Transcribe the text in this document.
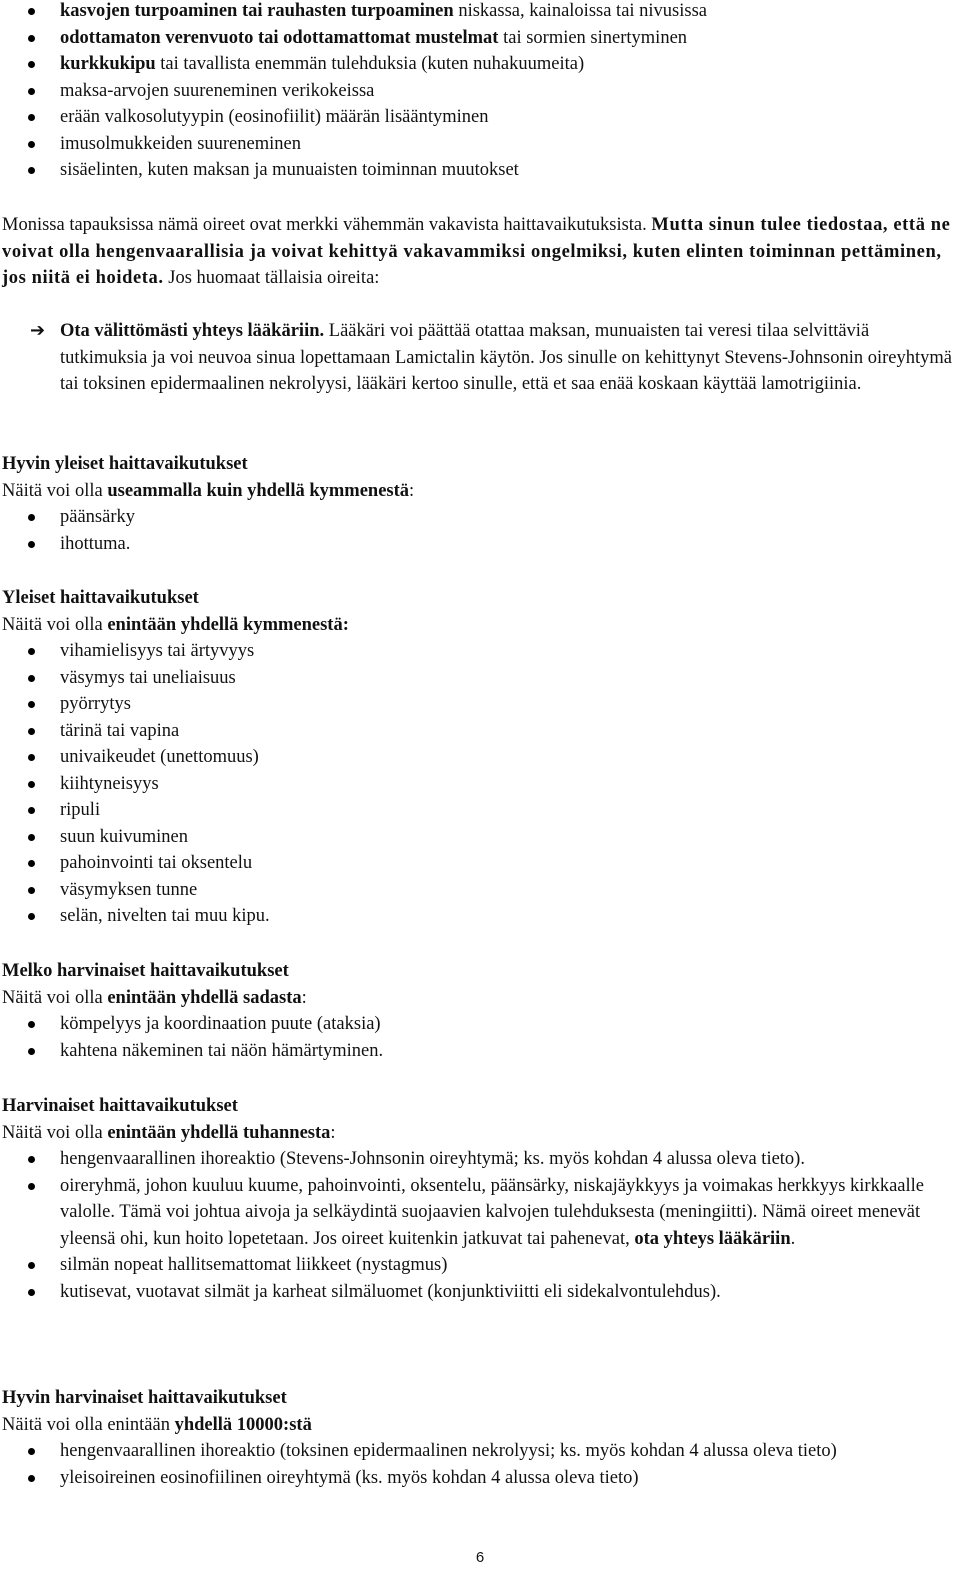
kasvojen turpoaminen tai rauhasten turpoaminen niskassa, kainaloissa tai nivusissa
odottamaton verenvuoto tai odottamattomat mustelmat tai sormien sinertyminen
kurkkukipu tai tavallista enemmän tulehduksia (kuten nuhakuumeita)
maksa-arvojen suureneminen verikokeissa
erään valkosolutyypin (eosinofiilit) määrän lisääntyminen
imusolmukkeiden suureneminen
sisäelinten, kuten maksan ja munuaisten toiminnan muutokset

Monissa tapauksissa nämä oireet ovat merkki vähemmän vakavista haittavaikutuksista. Mutta sinun tulee tiedostaa, että ne voivat olla hengenvaarallisia ja voivat kehittyä vakavammiksi ongelmiksi, kuten elinten toiminnan pettäminen, jos niitä ei hoideta. Jos huomaat tällaisia oireita:

➔ Ota välittömästi yhteys lääkäriin. Lääkäri voi päättää otattaa maksan, munuaisten tai veresi tilaa selvittäviä tutkimuksia ja voi neuvoa sinua lopettamaan Lamictalin käytön. Jos sinulle on kehittynyt Stevens-Johnsonin oireyhtymä tai toksinen epidermaalinen nekrolyysi, lääkäri kertoo sinulle, että et saa enää koskaan käyttää lamotrigiinia.

Hyvin yleiset haittavaikutukset

Näitä voi olla useammalla kuin yhdellä kymmenestä:

päänsärky
ihottuma.

Yleiset haittavaikutukset

Näitä voi olla enintään yhdellä kymmenestä:

vihamielisyys tai ärtyvyys
väsymys tai uneliaisuus
pyörrytys
tärinä tai vapina
univaikeudet (unettomuus)
kiihtyneisyys
ripuli
suun kuivuminen
pahoinvointi tai oksentelu
väsymyksen tunne
selän, nivelten tai muu kipu.

Melko harvinaiset haittavaikutukset

Näitä voi olla enintään yhdellä sadasta:

kömpelyys ja koordinaation puute (ataksia)
kahtena näkeminen tai näön hämärtyminen.

Harvinaiset haittavaikutukset

Näitä voi olla enintään yhdellä tuhannesta:

hengenvaarallinen ihoreaktio (Stevens-Johnsonin oireyhtymä; ks. myös kohdan 4 alussa oleva tieto).
oireryhmä, johon kuuluu kuume, pahoinvointi, oksentelu, päänsärky, niskajäykkyys ja voimakas herkkyys kirkkaalle valolle. Tämä voi johtua aivoja ja selkäydintä suojaavien kalvojen tulehduksesta (meningiitti). Nämä oireet menevät yleensä ohi, kun hoito lopetetaan. Jos oireet kuitenkin jatkuvat tai pahenevat, ota yhteys lääkäriin.
silmän nopeat hallitsemattomat liikkeet (nystagmus)
kutisevat, vuotavat silmät ja karheat silmäluomet (konjunktiviitti eli sidekalvontulehdus).

Hyvin harvinaiset haittavaikutukset

Näitä voi olla enintään yhdellä 10000:stä

hengenvaarallinen ihoreaktio (toksinen epidermaalinen nekrolyysi; ks. myös kohdan 4 alussa oleva tieto)
yleisoireinen eosinofiilinen oireyhtymä (ks. myös kohdan 4 alussa oleva tieto)
6
